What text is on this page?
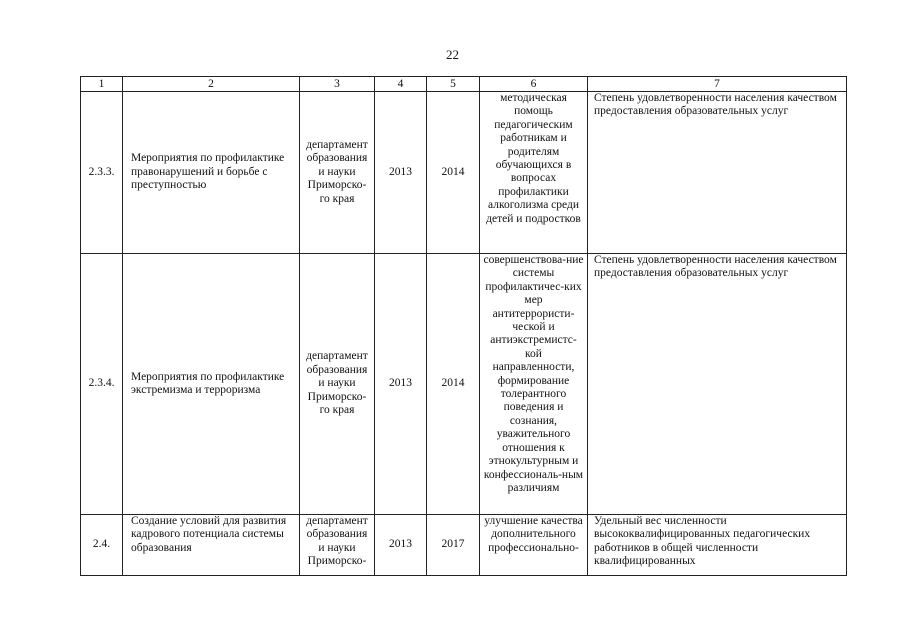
22
1	2	3	4	5	6	7
2.3.3.	Мероприятия по профилактике правонарушений и борьбе с преступностью	департамент образования и науки Приморско-го края	2013	2014	методическая помощь педагогическим работникам и родителям обучающихся в вопросах профилактики алкоголизма среди детей и подростков	Степень удовлетворенности населения качеством предоставления образовательных услуг
2.3.4.	Мероприятия по профилактике экстремизма и терроризма	департамент образования и науки Приморско-го края	2013	2014	совершенствова-ние системы профилактичес-ких мер антитеррористи-ческой и антиэкстремистс-кой направленности, формирование толерантного поведения и сознания, уважительного отношения к этнокультурным и конфессиональ-ным различиям	Степень удовлетворенности населения качеством предоставления образовательных услуг
2.4.	Создание условий для развития кадрового потенциала системы образования	департамент образования и науки Приморско-	2013	2017	улучшение качества дополнительного профессионально-	Удельный вес численности высококвалифицированных педагогических работников в общей численности квалифицированных
